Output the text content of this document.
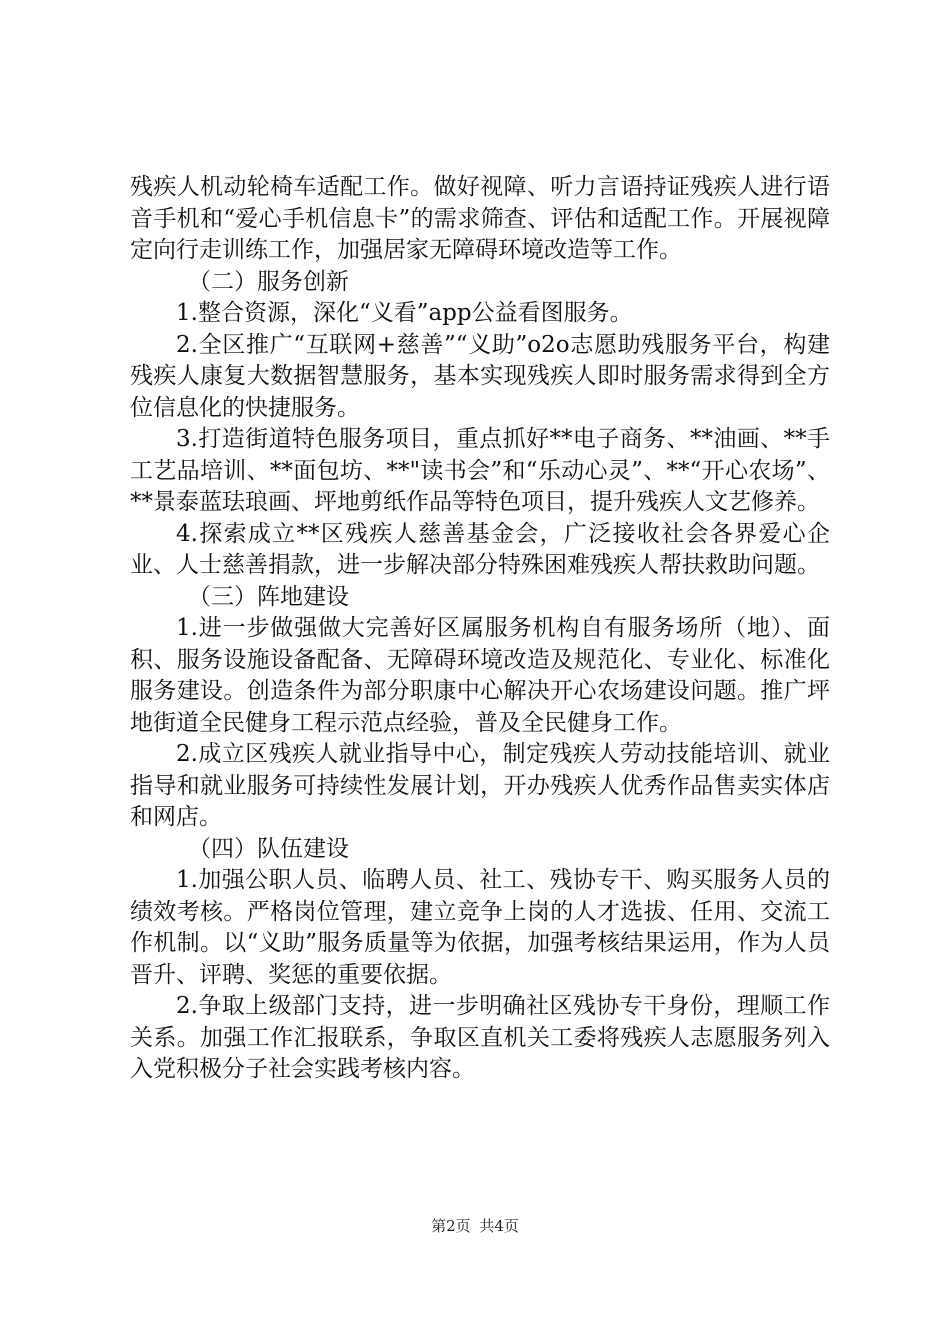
残疾人机动轮椅车适配工作。做好视障、听力言语持证残疾人进行语音手机和“爱心手机信息卡”的需求筛查、评估和适配工作。开展视障定向行走训练工作，加强居家无障碍环境改造等工作。

（二）服务创新

1.整合资源，深化“义看”app公益看图服务。

2.全区推广“互联网+慈善”“义助”o2o志愿助残服务平台，构建残疾人康复大数据智慧服务，基本实现残疾人即时服务需求得到全方位信息化的快捷服务。

3.打造街道特色服务项目，重点抓好**电子商务、**油画、**手工艺品培训、**面包坊、**"读书会”和“乐动心灵”、**“开心农场”、**景泰蓝珐琅画、坪地剪纸作品等特色项目，提升残疾人文艺修养。

4.探索成立**区残疾人慈善基金会，广泛接收社会各界爱心企业、人士慈善捐款，进一步解决部分特殊困难残疾人帮扶救助问题。

（三）阵地建设

1.进一步做强做大完善好区属服务机构自有服务场所（地）、面积、服务设施设备配备、无障碍环境改造及规范化、专业化、标准化服务建设。创造条件为部分职康中心解决开心农场建设问题。推广坪地街道全民健身工程示范点经验，普及全民健身工作。

2.成立区残疾人就业指导中心，制定残疾人劳动技能培训、就业指导和就业服务可持续性发展计划，开办残疾人优秀作品售卖实体店和网店。

（四）队伍建设

1.加强公职人员、临聘人员、社工、残协专干、购买服务人员的绩效考核。严格岗位管理，建立竞争上岗的人才选拔、任用、交流工作机制。以“义助”服务质量等为依据，加强考核结果运用，作为人员晋升、评聘、奖惩的重要依据。

2.争取上级部门支持，进一步明确社区残协专干身份，理顺工作关系。加强工作汇报联系，争取区直机关工委将残疾人志愿服务列入入党积极分子社会实践考核内容。

第2页 共4页
